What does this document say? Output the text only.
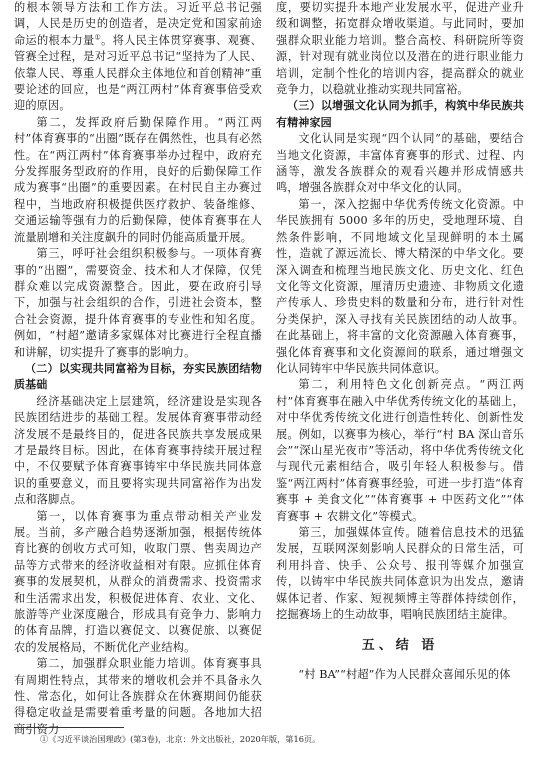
的根本领导方法和工作方法。习近平总书记强调，人民是历史的创造者，是决定党和国家前途命运的根本力量①。将人民主体贯穿赛事、观赛、管赛全过程，是对习近平总书记“坚持为了人民、依靠人民、尊重人民群众主体地位和首创精神”重要论述的回应，也是“两江两村”体育赛事倍受欢迎的原因。

第二，发挥政府后勤保障作用。“两江两村”体育赛事的“出圈”既存在偶然性，也具有必然性。在“两江两村”体育赛事举办过程中，政府充分发挥服务型政府的作用，良好的后勤保障工作成为赛事“出圈”的重要因素。在村民自主办赛过程中，当地政府积极提供医疗救护、装备维修、交通运输等强有力的后勤保障，使体育赛事在人流量剧增和关注度飙升的同时仍能高质量开展。

第三，呼吁社会组织积极参与。一项体育赛事的“出圈”，需要资金、技术和人才保障，仅凭群众难以完成资源整合。因此，要在政府引导下，加强与社会组织的合作，引进社会资本，整合社会资源，提升体育赛事的专业性和知名度。例如，“村超”邀请多家媒体对比赛进行全程直播和讲解，切实提升了赛事的影响力。

（二）以实现共同富裕为目标，夯实民族团结物质基础

经济基础决定上层建筑，经济建设是实现各民族团结进步的基础工程。发展体育赛事带动经济发展不是最终目的，促进各民族共享发展成果才是最终目标。因此，在体育赛事持续开展过程中，不仅要赋予体育赛事铸牢中华民族共同体意识的重要意义，而且要将实现共同富裕作为出发点和落脚点。

第一，以体育赛事为重点带动相关产业发展。当前，多产融合趋势逐渐加强，根据传统体育比赛的创收方式可知，收取门票、售卖周边产品等方式带来的经济收益相对有限。应抓住体育赛事的发展契机，从群众的消费需求、投资需求和生活需求出发，积极促进体育、农业、文化、旅游等产业深度融合，形成具有竞争力、影响力的体育品牌，打造以赛促文、以赛促旅、以赛促农的发展格局，不断优化产业结构。

第二，加强群众职业能力培训。体育赛事具有周期性特点，其带来的增收机会并不具备永久性、常态化，如何让各族群众在休赛期间仍能获得稳定收益是需要着重考量的问题。各地加大招商引资力

度，要切实提升本地产业发展水平，促进产业升级和调整，拓宽群众增收渠道。与此同时，要加强群众职业能力培训。整合高校、科研院所等资源，针对现有就业岗位以及潜在的进行职业能力培训，定制个性化的培训内容，提高群众的就业竞争力，以稳就业推动实现共同富裕。

（三）以增强文化认同为抓手，构筑中华民族共有精神家园

文化认同是实现“四个认同”的基础，要结合当地文化资源，丰富体育赛事的形式、过程、内涵等，激发各族群众的观看兴趣并形成情感共鸣，增强各族群众对中华文化的认同。

第一，深入挖掘中华优秀传统文化资源。中华民族拥有 5000 多年的历史，受地理环境、自然条件影响，不同地域文化呈现鲜明的本土属性，造就了源远流长、博大精深的中华文化。要深入调查和梳理当地民族文化、历史文化、红色文化等文化资源，厘清历史遗迹、非物质文化遗产传承人、珍贵史料的数量和分布，进行针对性分类保护，深入寻找有关民族团结的动人故事。在此基础上，将丰富的文化资源融入体育赛事，强化体育赛事和文化资源间的联系，通过增强文化认同铸牢中华民族共同体意识。

第二，利用特色文化创新亮点。“两江两村”体育赛事在融入中华优秀传统文化的基础上，对中华优秀传统文化进行创造性转化、创新性发展。例如，以赛事为核心，举行“村 BA 深山音乐会”“深山星光夜市”等活动，将中华优秀传统文化与现代元素相结合，吸引年轻人积极参与。借鉴“两江两村”体育赛事经验，可进一步打造“体育赛事 + 美食文化”“体育赛事 + 中医药文化”“体育赛事 + 农耕文化”等模式。

第三，加强媒体宣传。随着信息技术的迅猛发展，互联网深刻影响人民群众的日常生活，可利用抖音、快手、公众号、报刊等媒介加强宣传，以铸牢中华民族共同体意识为出发点，邀请媒体记者、作家、短视频博主等群体持续创作，挖掘赛场上的生动故事，唱响民族团结主旋律。

五、结 语

“村 BA”“村超”作为人民群众喜闻乐见的体

①《习近平谈治国理政》(第3卷)，北京：外文出版社，2020年版，第16页。
